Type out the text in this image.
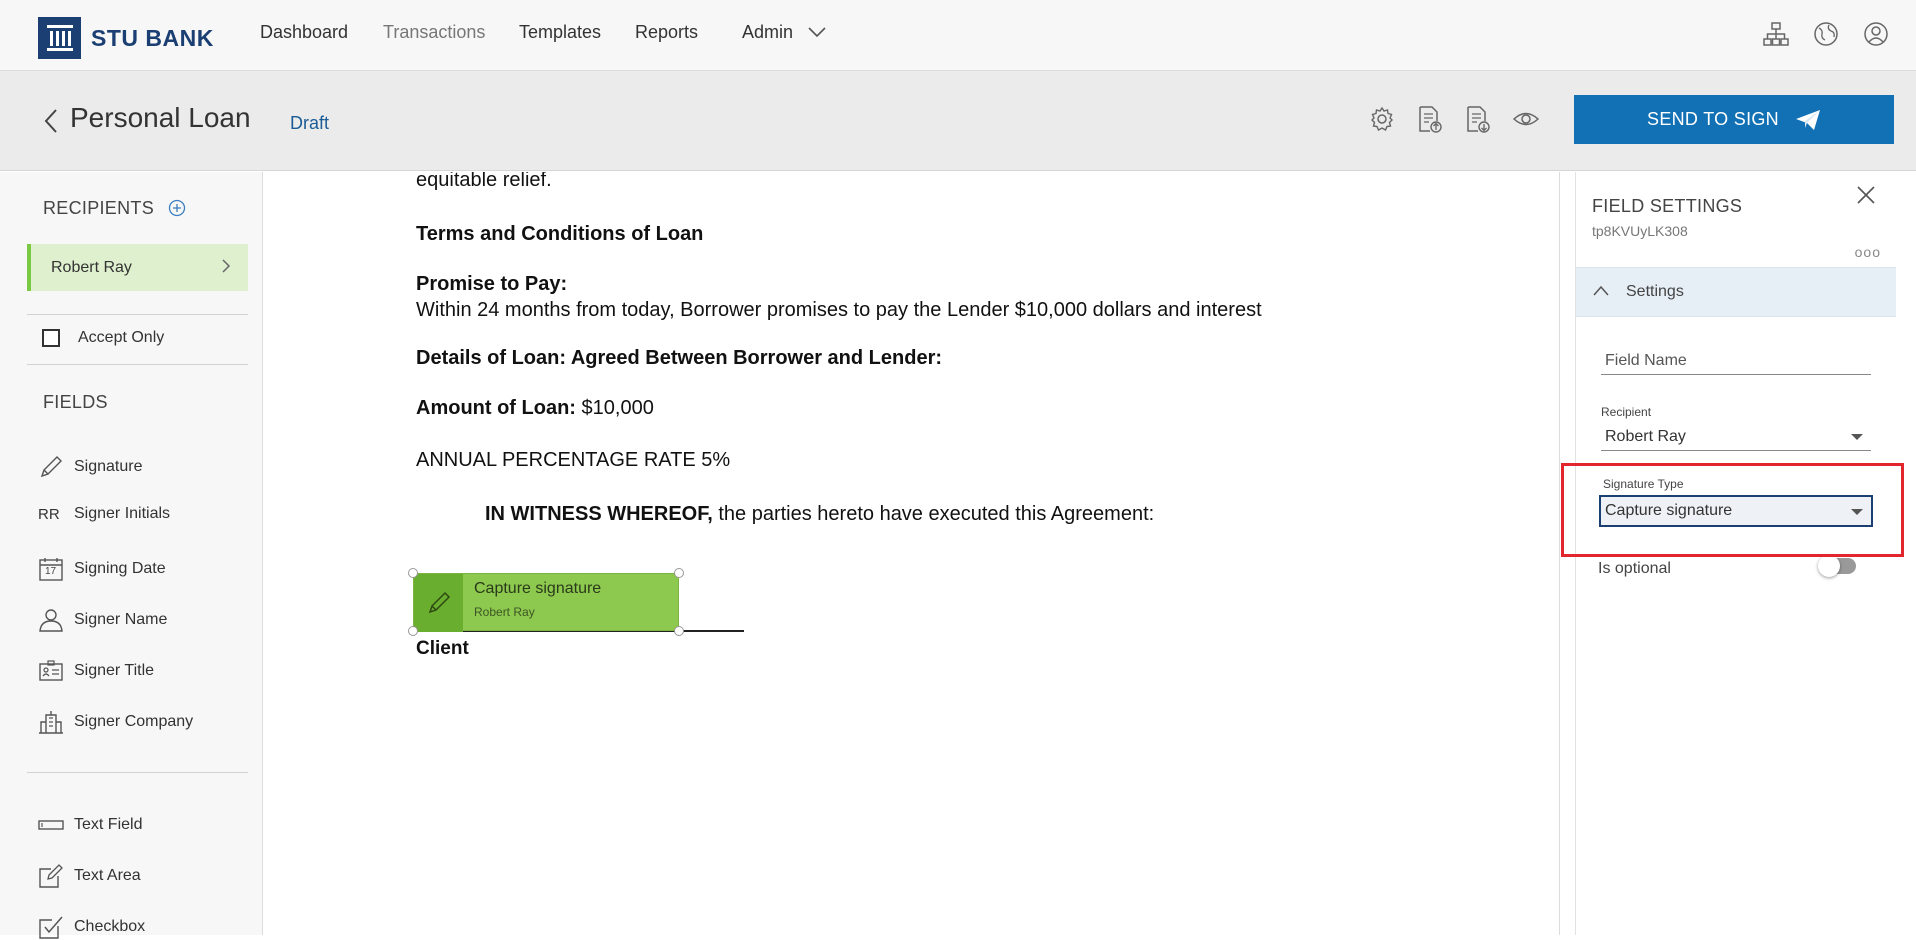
STU BANK	Dashboard Transactions Templates Reports Admin
Personal Loan Draft	SEND TO SIGN
RECIPIENTS
Robert Ray
Accept Only
FIELDS
Signature
RR Signer Initials
17 Signing Date
Signer Name
Signer Title
Signer Company
Text Field
Text Area
Checkbox
equitable relief.
Terms and Conditions of Loan
Promise to Pay:
Within 24 months from today, Borrower promises to pay the Lender $10,000 dollars and interest
Details of Loan: Agreed Between Borrower and Lender:
Amount of Loan: $10,000
ANNUAL PERCENTAGE RATE 5%
IN WITNESS WHEREOF, the parties hereto have executed this Agreement:
Capture signature
Robert Ray
Client
FIELD SETTINGS
tp8KVUyLK308
ooo
Settings
Field Name
Recipient
Robert Ray
Signature Type
Capture signature
Is optional
